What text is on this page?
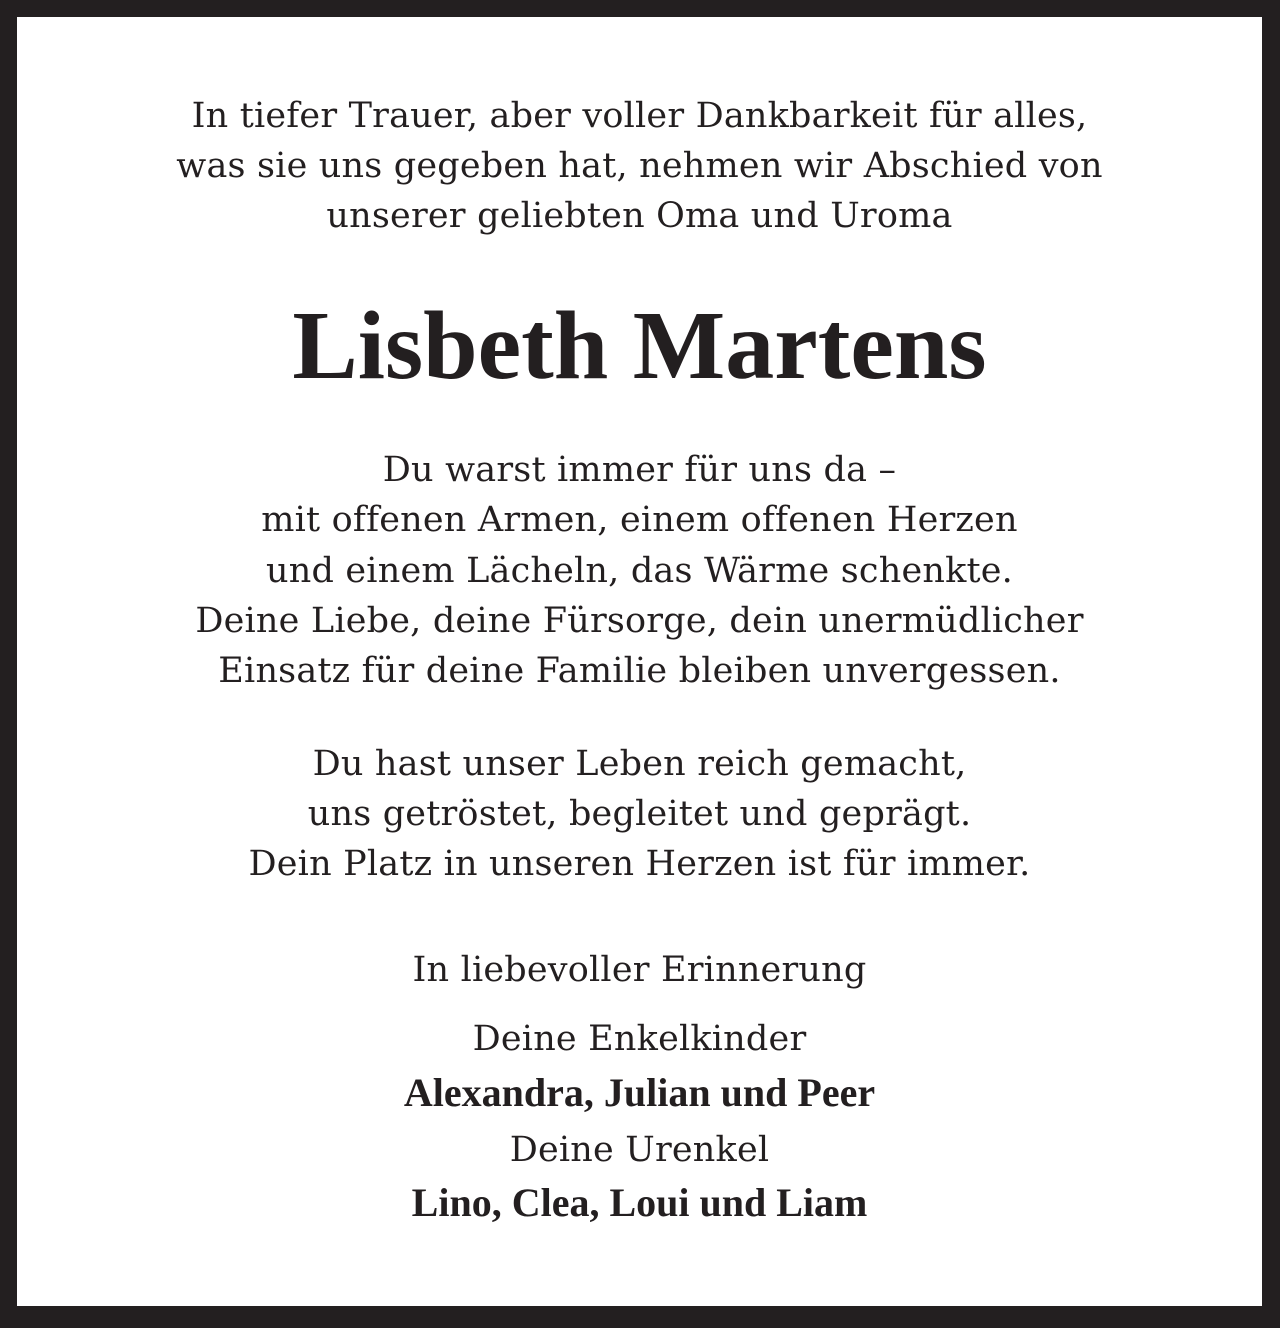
In tiefer Trauer, aber voller Dankbarkeit für alles,
was sie uns gegeben hat, nehmen wir Abschied von
unserer geliebten Oma und Uroma
Lisbeth Martens
Du warst immer für uns da –
mit offenen Armen, einem offenen Herzen
und einem Lächeln, das Wärme schenkte.
Deine Liebe, deine Fürsorge, dein unermüdlicher
Einsatz für deine Familie bleiben unvergessen.
Du hast unser Leben reich gemacht,
uns getröstet, begleitet und geprägt.
Dein Platz in unseren Herzen ist für immer.
In liebevoller Erinnerung
Deine Enkelkinder
Alexandra, Julian und Peer
Deine Urenkel
Lino, Clea, Loui und Liam
